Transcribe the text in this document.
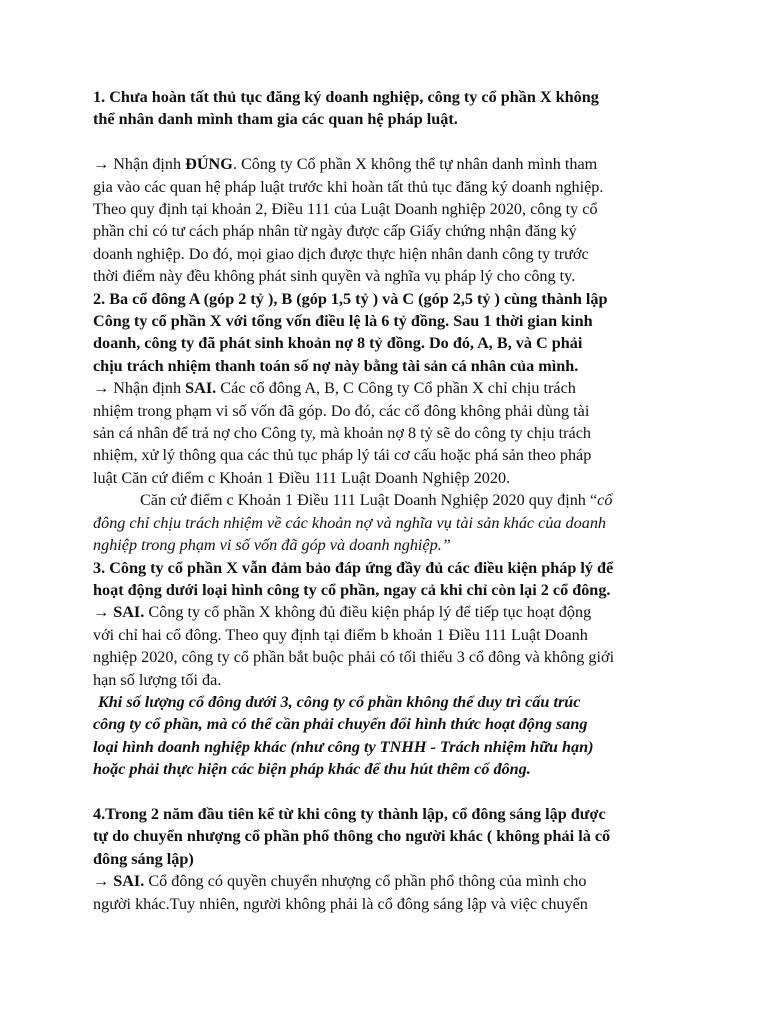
1. Chưa hoàn tất thủ tục đăng ký doanh nghiệp, công ty cổ phần X không
thể nhân danh mình tham gia các quan hệ pháp luật.
→ Nhận định ĐÚNG. Công ty Cổ phần X không thể tự nhân danh mình tham
gia vào các quan hệ pháp luật trước khi hoàn tất thủ tục đăng ký doanh nghiệp.
Theo quy định tại khoản 2, Điều 111 của Luật Doanh nghiệp 2020, công ty cổ
phần chỉ có tư cách pháp nhân từ ngày được cấp Giấy chứng nhận đăng ký
doanh nghiệp. Do đó, mọi giao dịch được thực hiện nhân danh công ty trước
thời điểm này đều không phát sinh quyền và nghĩa vụ pháp lý cho công ty.
2. Ba cổ đông A (góp 2 tỷ ), B (góp 1,5 tỷ ) và C (góp 2,5 tỷ ) cùng thành lập
Công ty cổ phần X với tổng vốn điều lệ là 6 tỷ đồng. Sau 1 thời gian kinh
doanh, công ty đã phát sinh khoản nợ 8 tỷ đồng. Do đó, A, B, và C phải
chịu trách nhiệm thanh toán số nợ này bằng tài sản cá nhân của mình.
→ Nhận định SAI. Các cổ đông A, B, C Công ty Cổ phần X chỉ chịu trách
nhiệm trong phạm vi số vốn đã góp. Do đó, các cổ đông không phải dùng tài
sản cá nhân để trả nợ cho Công ty, mà khoản nợ 8 tỷ sẽ do công ty chịu trách
nhiệm, xử lý thông qua các thủ tục pháp lý tái cơ cấu hoặc phá sản theo pháp
luật Căn cứ điểm c Khoản 1 Điều 111 Luật Doanh Nghiệp 2020.
Căn cứ điểm c Khoản 1 Điều 111 Luật Doanh Nghiệp 2020 quy định “cổ
đông chỉ chịu trách nhiệm về các khoản nợ và nghĩa vụ tài sản khác của doanh
nghiệp trong phạm vi số vốn đã góp và doanh nghiệp.”
3. Công ty cổ phần X vẫn đảm bảo đáp ứng đầy đủ các điều kiện pháp lý để
hoạt động dưới loại hình công ty cổ phần, ngay cả khi chỉ còn lại 2 cổ đông.
→ SAI. Công ty cổ phần X không đủ điều kiện pháp lý để tiếp tục hoạt động
với chỉ hai cổ đông. Theo quy định tại điểm b khoản 1 Điều 111 Luật Doanh
nghiệp 2020, công ty cổ phần bắt buộc phải có tối thiểu 3 cổ đông và không giới
hạn số lượng tối đa.
Khi số lượng cổ đông dưới 3, công ty cổ phần không thể duy trì cấu trúc
công ty cổ phần, mà có thể cần phải chuyển đổi hình thức hoạt động sang
loại hình doanh nghiệp khác (như công ty TNHH - Trách nhiệm hữu hạn)
hoặc phải thực hiện các biện pháp khác để thu hút thêm cổ đông.
4.Trong 2 năm đầu tiên kể từ khi công ty thành lập, cổ đông sáng lập được
tự do chuyển nhượng cổ phần phổ thông cho người khác ( không phải là cổ
đông sáng lập)
→ SAI. Cổ đông có quyền chuyển nhượng cổ phần phổ thông của mình cho
người khác.Tuy nhiên, người không phải là cổ đông sáng lập và việc chuyển
